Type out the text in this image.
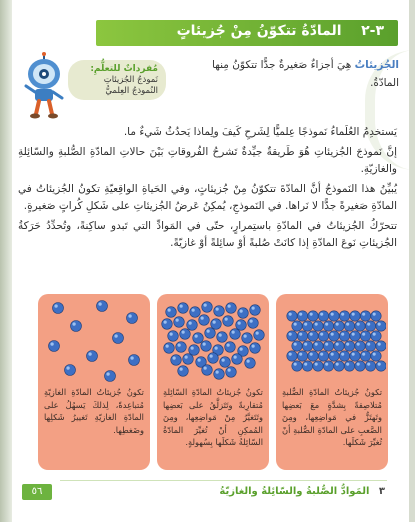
٣-٢    المادّةُ تتكوّنُ مِنْ جُزيئاتٍ
الجُزيئاتُ هِيَ أجزاءٌ صَغيرةٌ جدًّا تتكوّنُ مِنها المادّةُ.
مُفرداتٌ للتعلُّمِ:
نَموذجُ الجُزيئاتِ
النُموذجُ العِلميُّ

يَستخدِمُ العُلَماءُ نَموذجًا عِلميًّا لِشَرحِ كَيفَ ولِماذا يَحدُثُ شَيءٌ ما.

إنَّ نَموذجَ الجُزيئاتِ هُوَ طَريقةٌ جيِّدةٌ تَشرحُ الفُروقاتِ بَيْنَ حالاتِ المادّةِ الصُّلبةِ والسّائِلةِ والغازيّةِ.

يُبيِّنُ هذا النَموذجُ أنَّ المادّةَ تتكوّنُ مِنْ جُزيئاتٍ، وفي الحَياةِ الواقِعيّةِ تكونُ الجُزيئاتُ في المادّةِ صَغيرةً جدًّا لا نَراها. في النَموذجِ، يُمكِنُ عَرضُ الجُزيئاتِ على شَكلِ كُراتٍ صَغيرةٍ.

تتحرّكُ الجُزيئاتُ في المادّةِ باستِمرارٍ، حتّى في المَوادِّ التي تَبدو ساكِنةً، وتُحدِّدُ حَرَكةُ الجُزيئاتِ نَوعَ المادّةِ إذا كانَتْ صُلبةً أوْ سائِلةً أوْ غازيّةً.

تكونُ جُزيئاتُ المادّةِ الصُّلبةِ مُتلاصِقةً بِشدَّةٍ معَ بَعضِها وتَهتَزُّ في مَواضِعِها، ومِنَ الصَّعبِ على المادّةِ الصُّلبةِ أنْ تُغيِّرَ شَكلَها.
تكونُ جُزيئاتُ المادّةِ السّائِلةِ مُتقارِبةً وتَتَزلَّقُ على بَعضِها وتَتَغيَّرُ مِنْ مَواضِعِها، ومِنَ المُمكِنِ أنْ تُغيِّرَ المادّةُ السّائِلةُ شَكلَها بِسُهولةٍ.
تكونُ جُزيئاتُ المادّةِ الغازيّةِ مُتباعِدةً، لِذلكَ يَسهُلُ على المادّةِ الغازيّةِ تَغييرُ شَكلِها وضَغطِها.
٣ المَوادُّ الصُّلبةُ والسّائِلةُ والغازيّةُ
٥٦
